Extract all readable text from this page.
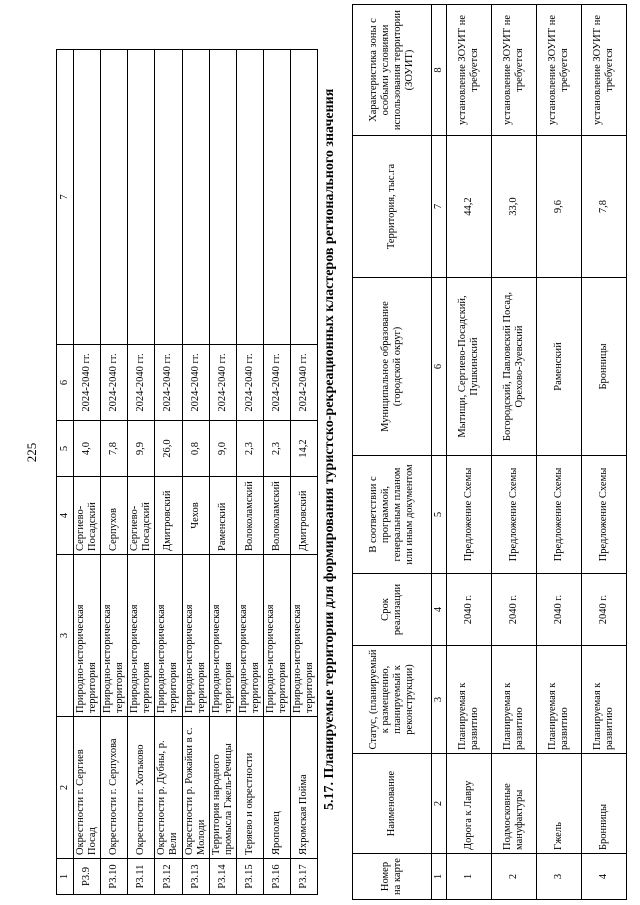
225
1	2	3	4	5	6	7
Р3.9	Окрестности г. Сергиев Посад	Природно-историческая территория	Сергиево-Посадский	4,0	2024-2040 гг.	
Р3.10	Окрестности г. Серпухова	Природно-историческая территория	Серпухов	7,8	2024-2040 гг.	
Р3.11	Окрестности г. Хотьково	Природно-историческая территория	Сергиево-Посадский	9,9	2024-2040 гг.	
Р3.12	Окрестности р. Дубны, р. Вели	Природно-историческая территория	Дмитровский	26,0	2024-2040 гг.	
Р3.13	Окрестности р. Рожайки в с. Молоди	Природно-историческая территория	Чехов	0,8	2024-2040 гг.	
Р3.14	Территория народного промысла Гжель-Речицы	Природно-историческая территория	Раменский	9,0	2024-2040 гг.	
Р3.15	Теряево и окрестности	Природно-историческая территория	Волоколамский	2,3	2024-2040 гг.	
Р3.16	Ярополец	Природно-историческая территория	Волоколамский	2,3	2024-2040 гг.	
Р3.17	Яхромская Пойма	Природно-историческая территория	Дмитровский	14,2	2024-2040 гг.	5.17. Планируемые территории для формирования туристско-рекреационных кластеров регионального значения
Номер на карте	Наименование	Статус, (планируемый к размещению, планируемый к реконструкции)	Срок реализации	В соответствии с программой, генеральным планом или иным документом	Муниципальное образование (городской округ)	Территория, тыс.га	Характеристика зоны с особыми условиями использования территории (ЗОУИТ)
1	2	3	4	5	6	7	8
1	Дорога к Лавру	Планируемая к развитию	2040 г.	Предложение Схемы	Мытищи, Сергиево-Посадский, Пушкинский	44,2	установление ЗОУИТ не требуется
2	Подмосковные мануфактуры	Планируемая к развитию	2040 г.	Предложение Схемы	Богородский, Павловский Посад, Орехово-Зуевский	33,0	установление ЗОУИТ не требуется
3	Гжель	Планируемая к развитию	2040 г.	Предложение Схемы	Раменский	9,6	установление ЗОУИТ не требуется
4	Бронницы	Планируемая к развитию	2040 г.	Предложение Схемы	Бронницы	7,8	установление ЗОУИТ не требуется
